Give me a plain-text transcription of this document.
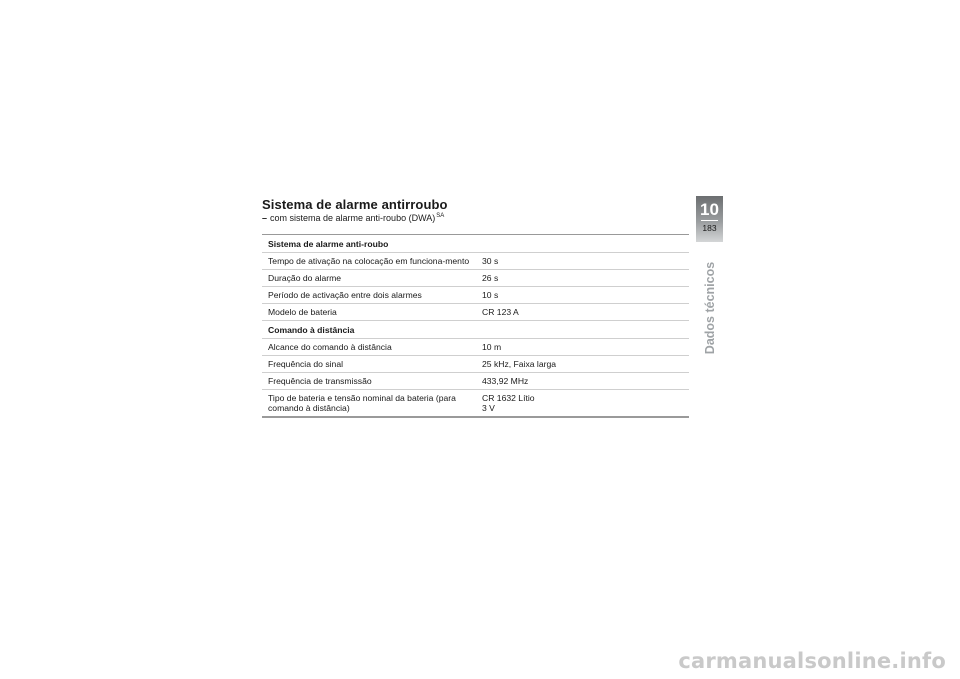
Sistema de alarme antirroubo
– com sistema de alarme anti-roubo (DWA)$^{SA}$
Sistema de alarme anti-roubo	
Tempo de ativação na colocação em funciona-mento	30 s
Duração do alarme	26 s
Período de activação entre dois alarmes	10 s
Modelo de bateria	CR 123 A
Comando à distância	
Alcance do comando à distância	10 m
Frequência do sinal	25 kHz, Faixa larga
Frequência de transmissão	433,92 MHz
Tipo de bateria e tensão nominal da bateria (para comando à distância)	CR 1632 Lítio
3 V
10
183
Dados técnicos
carmanualsonline.info
